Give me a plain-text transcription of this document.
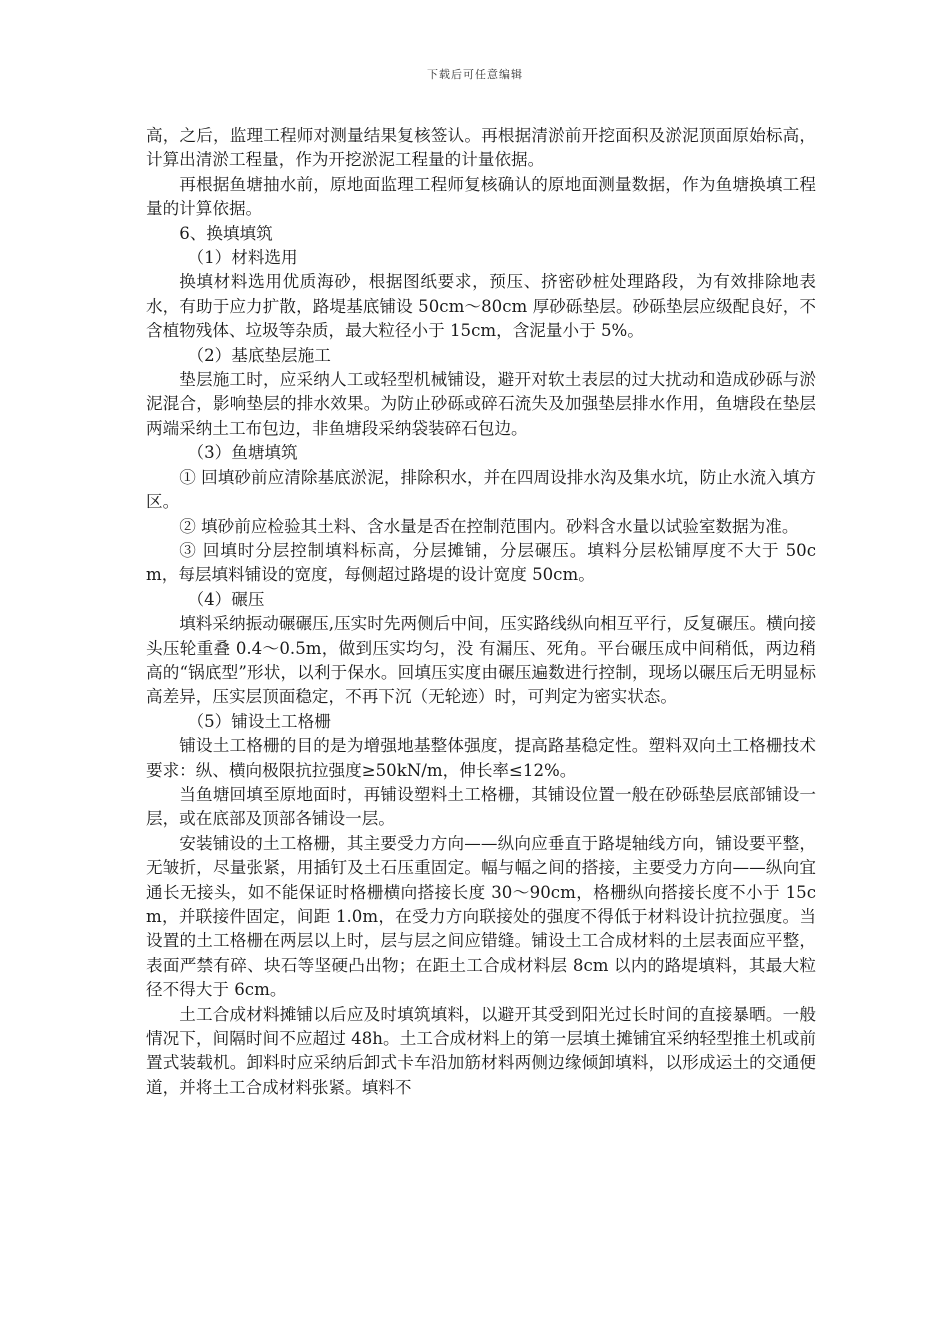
下载后可任意编辑

高，之后，监理工程师对测量结果复核签认。再根据清淤前开挖面积及淤泥顶面原始标高，计算出清淤工程量，作为开挖淤泥工程量的计量依据。

再根据鱼塘抽水前，原地面监理工程师复核确认的原地面测量数据，作为鱼塘换填工程量的计算依据。

6、换填填筑

（1）材料选用

换填材料选用优质海砂，根据图纸要求，预压、挤密砂桩处理路段，为有效排除地表水，有助于应力扩散，路堤基底铺设 50cm～80cm 厚砂砾垫层。砂砾垫层应级配良好，不含植物残体、垃圾等杂质，最大粒径小于 15cm，含泥量小于 5%。

（2）基底垫层施工

垫层施工时，应采纳人工或轻型机械铺设，避开对软土表层的过大扰动和造成砂砾与淤泥混合，影响垫层的排水效果。为防止砂砾或碎石流失及加强垫层排水作用，鱼塘段在垫层两端采纳土工布包边，非鱼塘段采纳袋装碎石包边。

（3）鱼塘填筑

① 回填砂前应清除基底淤泥，排除积水，并在四周设排水沟及集水坑，防止水流入填方区。

② 填砂前应检验其土料、含水量是否在控制范围内。砂料含水量以试验室数据为准。

③ 回填时分层控制填料标高，分层摊铺，分层碾压。填料分层松铺厚度不大于 50cm，每层填料铺设的宽度，每侧超过路堤的设计宽度 50cm。

（4）碾压

填料采纳振动碾碾压,压实时先两侧后中间，压实路线纵向相互平行，反复碾压。横向接头压轮重叠 0.4～0.5m，做到压实均匀，没 有漏压、死角。平台碾压成中间稍低，两边稍高的“锅底型”形状，以利于保水。回填压实度由碾压遍数进行控制，现场以碾压后无明显标高差异，压实层顶面稳定，不再下沉（无轮迹）时，可判定为密实状态。

（5）铺设土工格栅

铺设土工格栅的目的是为增强地基整体强度，提高路基稳定性。塑料双向土工格栅技术要求：纵、横向极限抗拉强度≥50kN/m，伸长率≤12%。

当鱼塘回填至原地面时，再铺设塑料土工格栅，其铺设位置一般在砂砾垫层底部铺设一层，或在底部及顶部各铺设一层。

安装铺设的土工格栅，其主要受力方向——纵向应垂直于路堤轴线方向，铺设要平整，无皱折，尽量张紧，用插钉及土石压重固定。幅与幅之间的搭接，主要受力方向——纵向宜通长无接头，如不能保证时格栅横向搭接长度 30～90cm，格栅纵向搭接长度不小于 15cm，并联接件固定，间距 1.0m，在受力方向联接处的强度不得低于材料设计抗拉强度。当设置的土工格栅在两层以上时，层与层之间应错缝。铺设土工合成材料的土层表面应平整，表面严禁有碎、块石等坚硬凸出物；在距土工合成材料层 8cm 以内的路堤填料，其最大粒径不得大于 6cm。

土工合成材料摊铺以后应及时填筑填料，以避开其受到阳光过长时间的直接暴晒。一般情况下，间隔时间不应超过 48h。土工合成材料上的第一层填土摊铺宜采纳轻型推土机或前置式装载机。卸料时应采纳后卸式卡车沿加筋材料两侧边缘倾卸填料，以形成运土的交通便道，并将土工合成材料张紧。填料不
